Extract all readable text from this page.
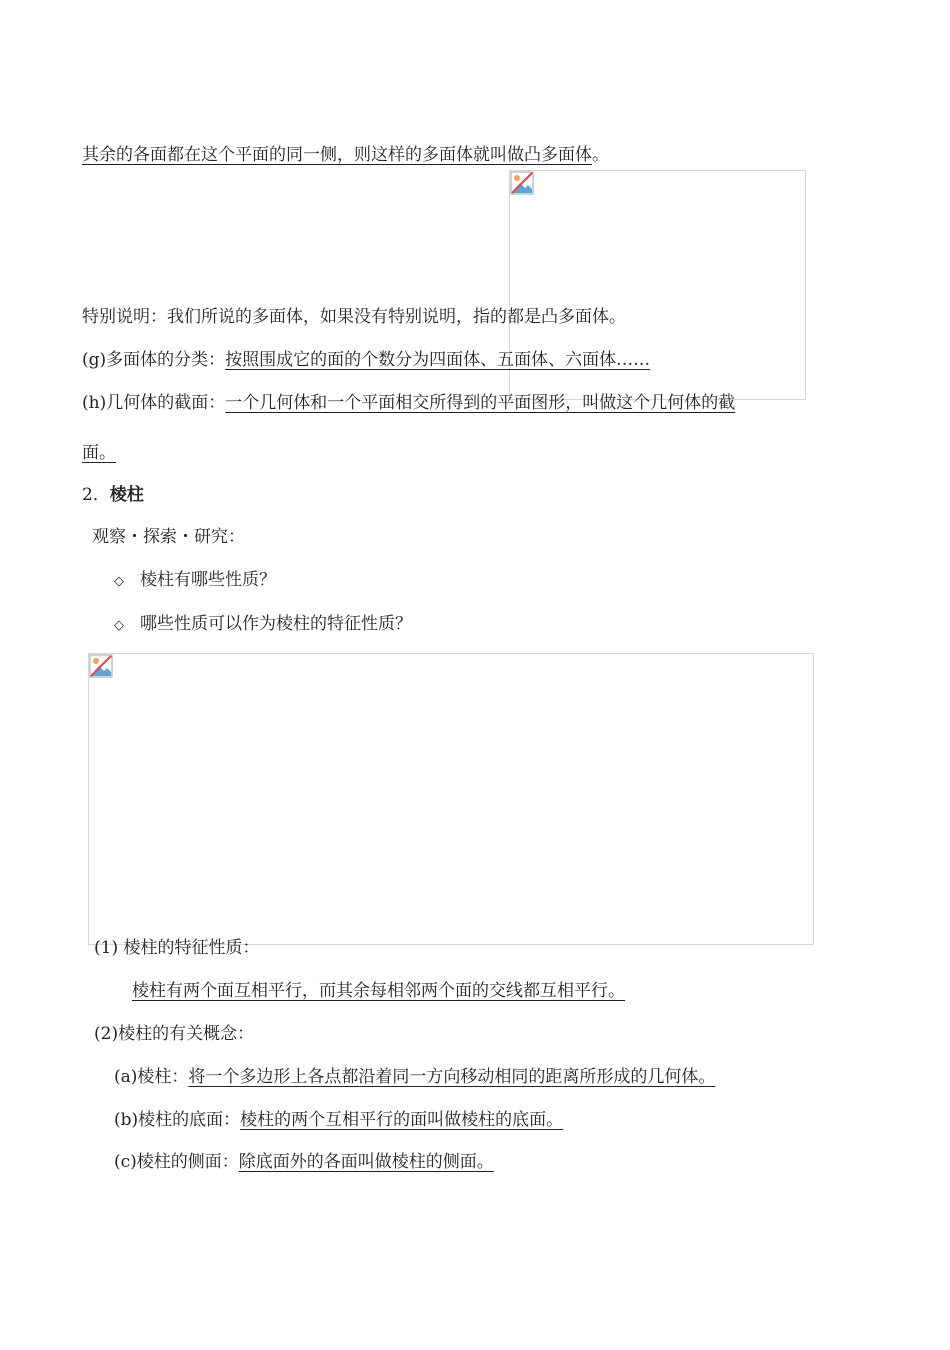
其余的各面都在这个平面的同一侧，则这样的多面体就叫做凸多面体。
特别说明：我们所说的多面体，如果没有特别说明，指的都是凸多面体。
(g)多面体的分类：按照围成它的面的个数分为四面体、五面体、六面体……
(h)几何体的截面：一个几何体和一个平面相交所得到的平面图形，叫做这个几何体的截
面。
2．棱柱
观察・探索・研究：
◇ 棱柱有哪些性质？
◇ 哪些性质可以作为棱柱的特征性质？
(1) 棱柱的特征性质：
棱柱有两个面互相平行，而其余每相邻两个面的交线都互相平行。
(2)棱柱的有关概念：
(a)棱柱：将一个多边形上各点都沿着同一方向移动相同的距离所形成的几何体。
(b)棱柱的底面：棱柱的两个互相平行的面叫做棱柱的底面。
(c)棱柱的侧面：除底面外的各面叫做棱柱的侧面。
